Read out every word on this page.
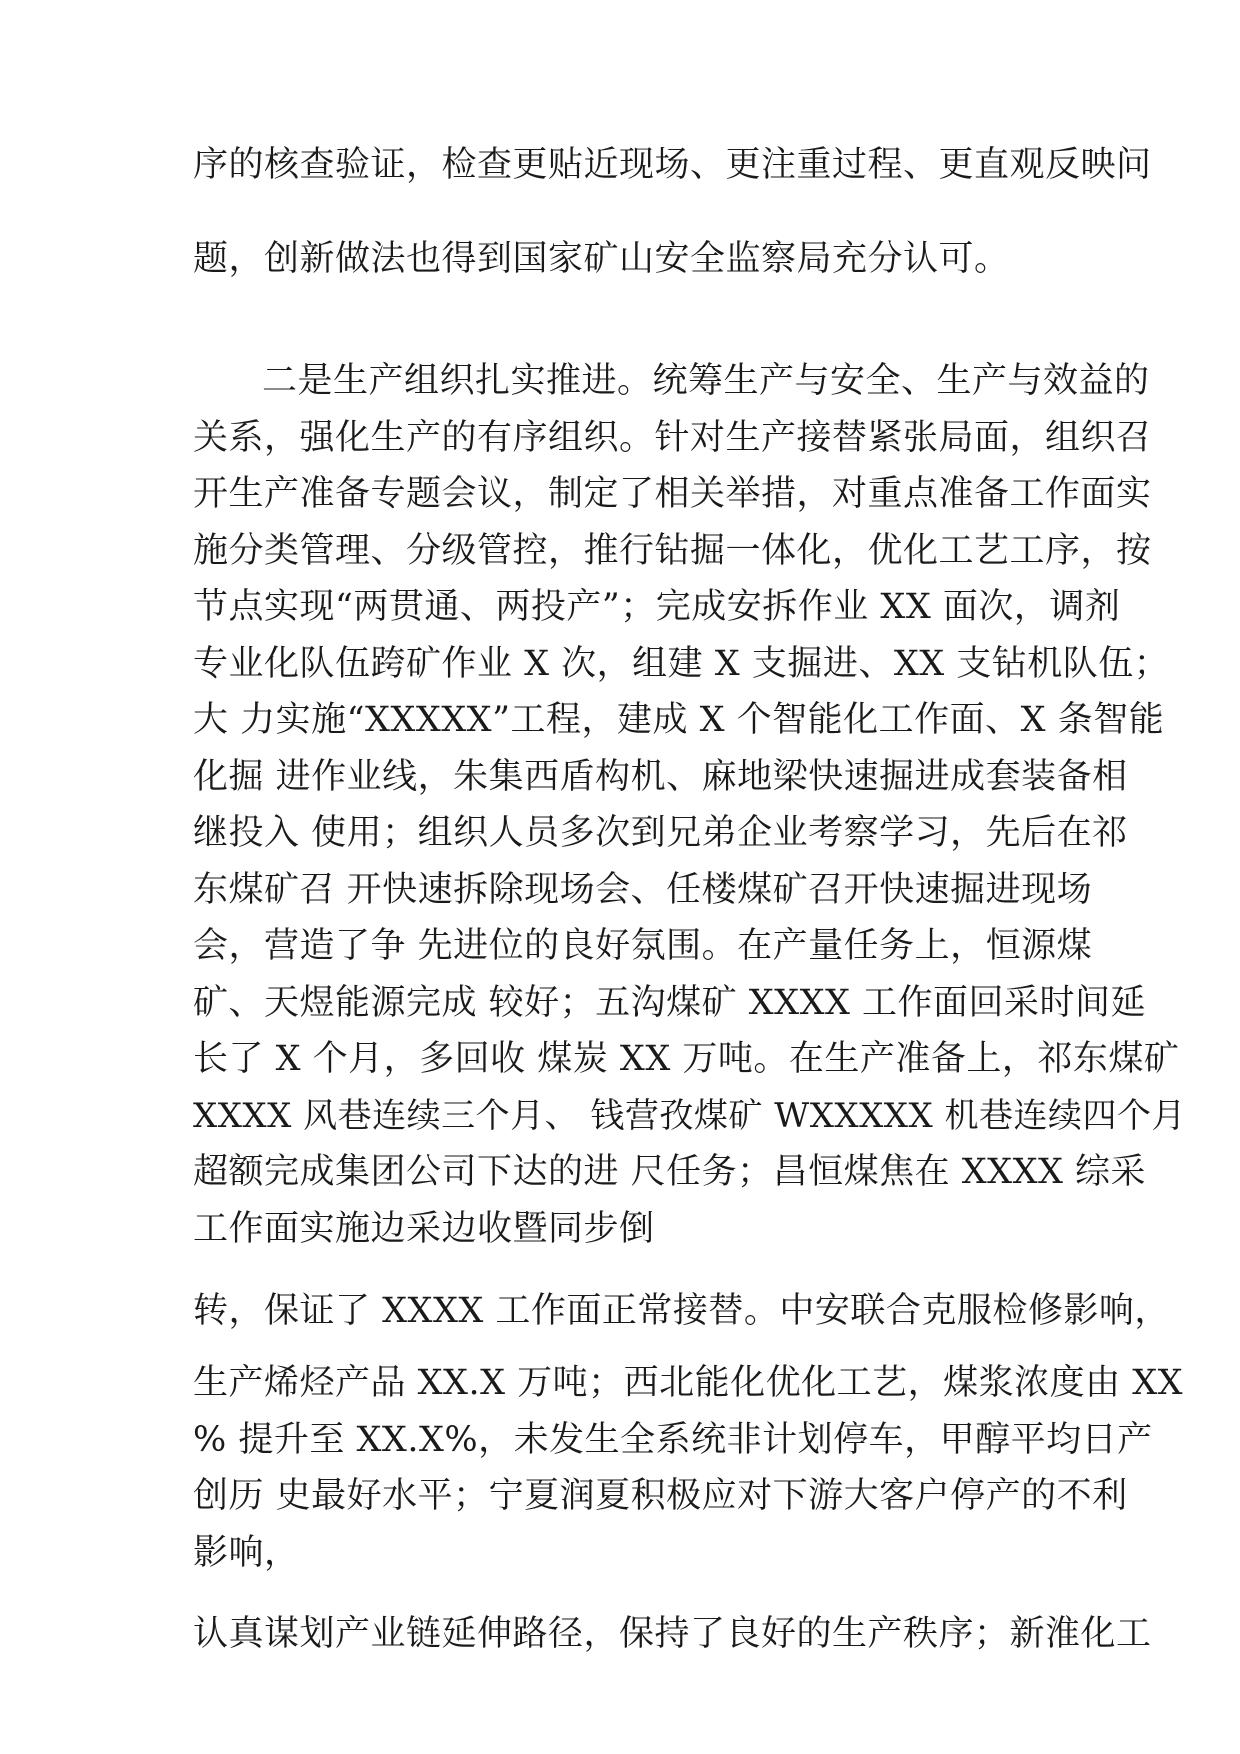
序的核查验证，检查更贴近现场、更注重过程、更直观反映问

题，创新做法也得到国家矿山安全监察局充分认可。

二是生产组织扎实推进。统筹生产与安全、生产与效益的

关系，强化生产的有序组织。针对生产接替紧张局面，组织召

开生产准备专题会议，制定了相关举措，对重点准备工作面实

施分类管理、分级管控，推行钻掘一体化，优化工艺工序，按

节点实现“两贯通、两投产”；完成安拆作业 XX 面次，调剂

专业化队伍跨矿作业 X 次，组建 X 支掘进、XX 支钻机队伍；

大 力实施“XXXXX”工程，建成 X 个智能化工作面、X 条智能

化掘 进作业线，朱集西盾构机、麻地梁快速掘进成套装备相

继投入 使用；组织人员多次到兄弟企业考察学习，先后在祁

东煤矿召 开快速拆除现场会、任楼煤矿召开快速掘进现场

会，营造了争 先进位的良好氛围。在产量任务上，恒源煤

矿、天煜能源完成 较好；五沟煤矿 XXXX 工作面回采时间延

长了 X 个月，多回收 煤炭 XX 万吨。在生产准备上，祁东煤矿

XXXX 风巷连续三个月、 钱营孜煤矿 WXXXXX 机巷连续四个月

超额完成集团公司下达的进 尺任务；昌恒煤焦在 XXXX 综采

工作面实施边采边收暨同步倒

转，保证了 XXXX 工作面正常接替。中安联合克服检修影响，

生产烯烃产品 XX.X 万吨；西北能化优化工艺，煤浆浓度由 XX

% 提升至 XX.X%，未发生全系统非计划停车，甲醇平均日产

创历 史最好水平；宁夏润夏积极应对下游大客户停产的不利

影响，

认真谋划产业链延伸路径，保持了良好的生产秩序；新淮化工
